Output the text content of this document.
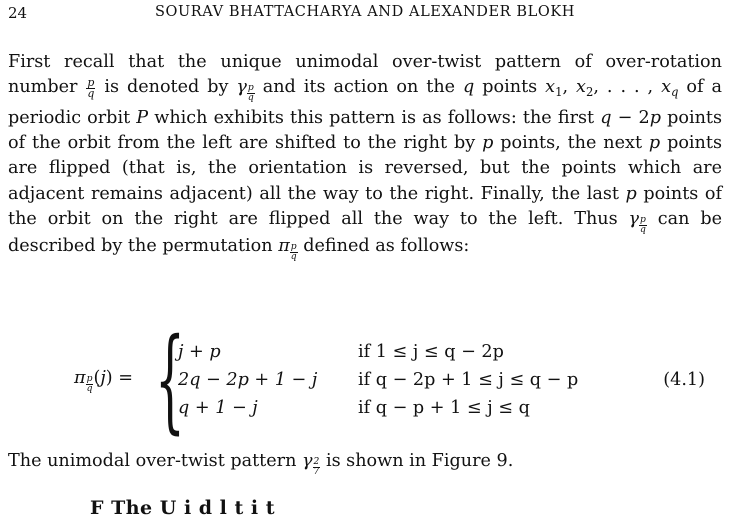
24	SOURAV BHATTACHARYA AND ALEXANDER BLOKH
First recall that the unique unimodal over-twist pattern of over-rotation number $\frac{p}{q}$ is denoted by γ $\frac{p}{q}$ and its action on the q points $x_1$, $x_2$, . . . , $x_q$ of a periodic orbit P which exhibits this pattern is as follows: the first q − 2p points of the orbit from the left are shifted to the right by p points, the next p points are flipped (that is, the orientation is reversed, but the points which are adjacent remains adjacent) all the way to the right. Finally, the last p points of the orbit on the right are flipped all the way to the left. Thus γ $\frac{p}{q}$ can be described by the permutation π $\frac{p}{q}$ defined as follows:
π $\frac{p}{q} (j)$ = {
j + p	if 1 ≤ j ≤ q − 2p
2q − 2p + 1 − j if q − 2p + 1 ≤ j ≤ q − p
q + 1 − j	if q − p + 1 ≤ j ≤ q
(4.1)
The unimodal over-twist pattern γ $\frac{2}{7}$ is shown in Figure 9.
F The U i d l t i t
